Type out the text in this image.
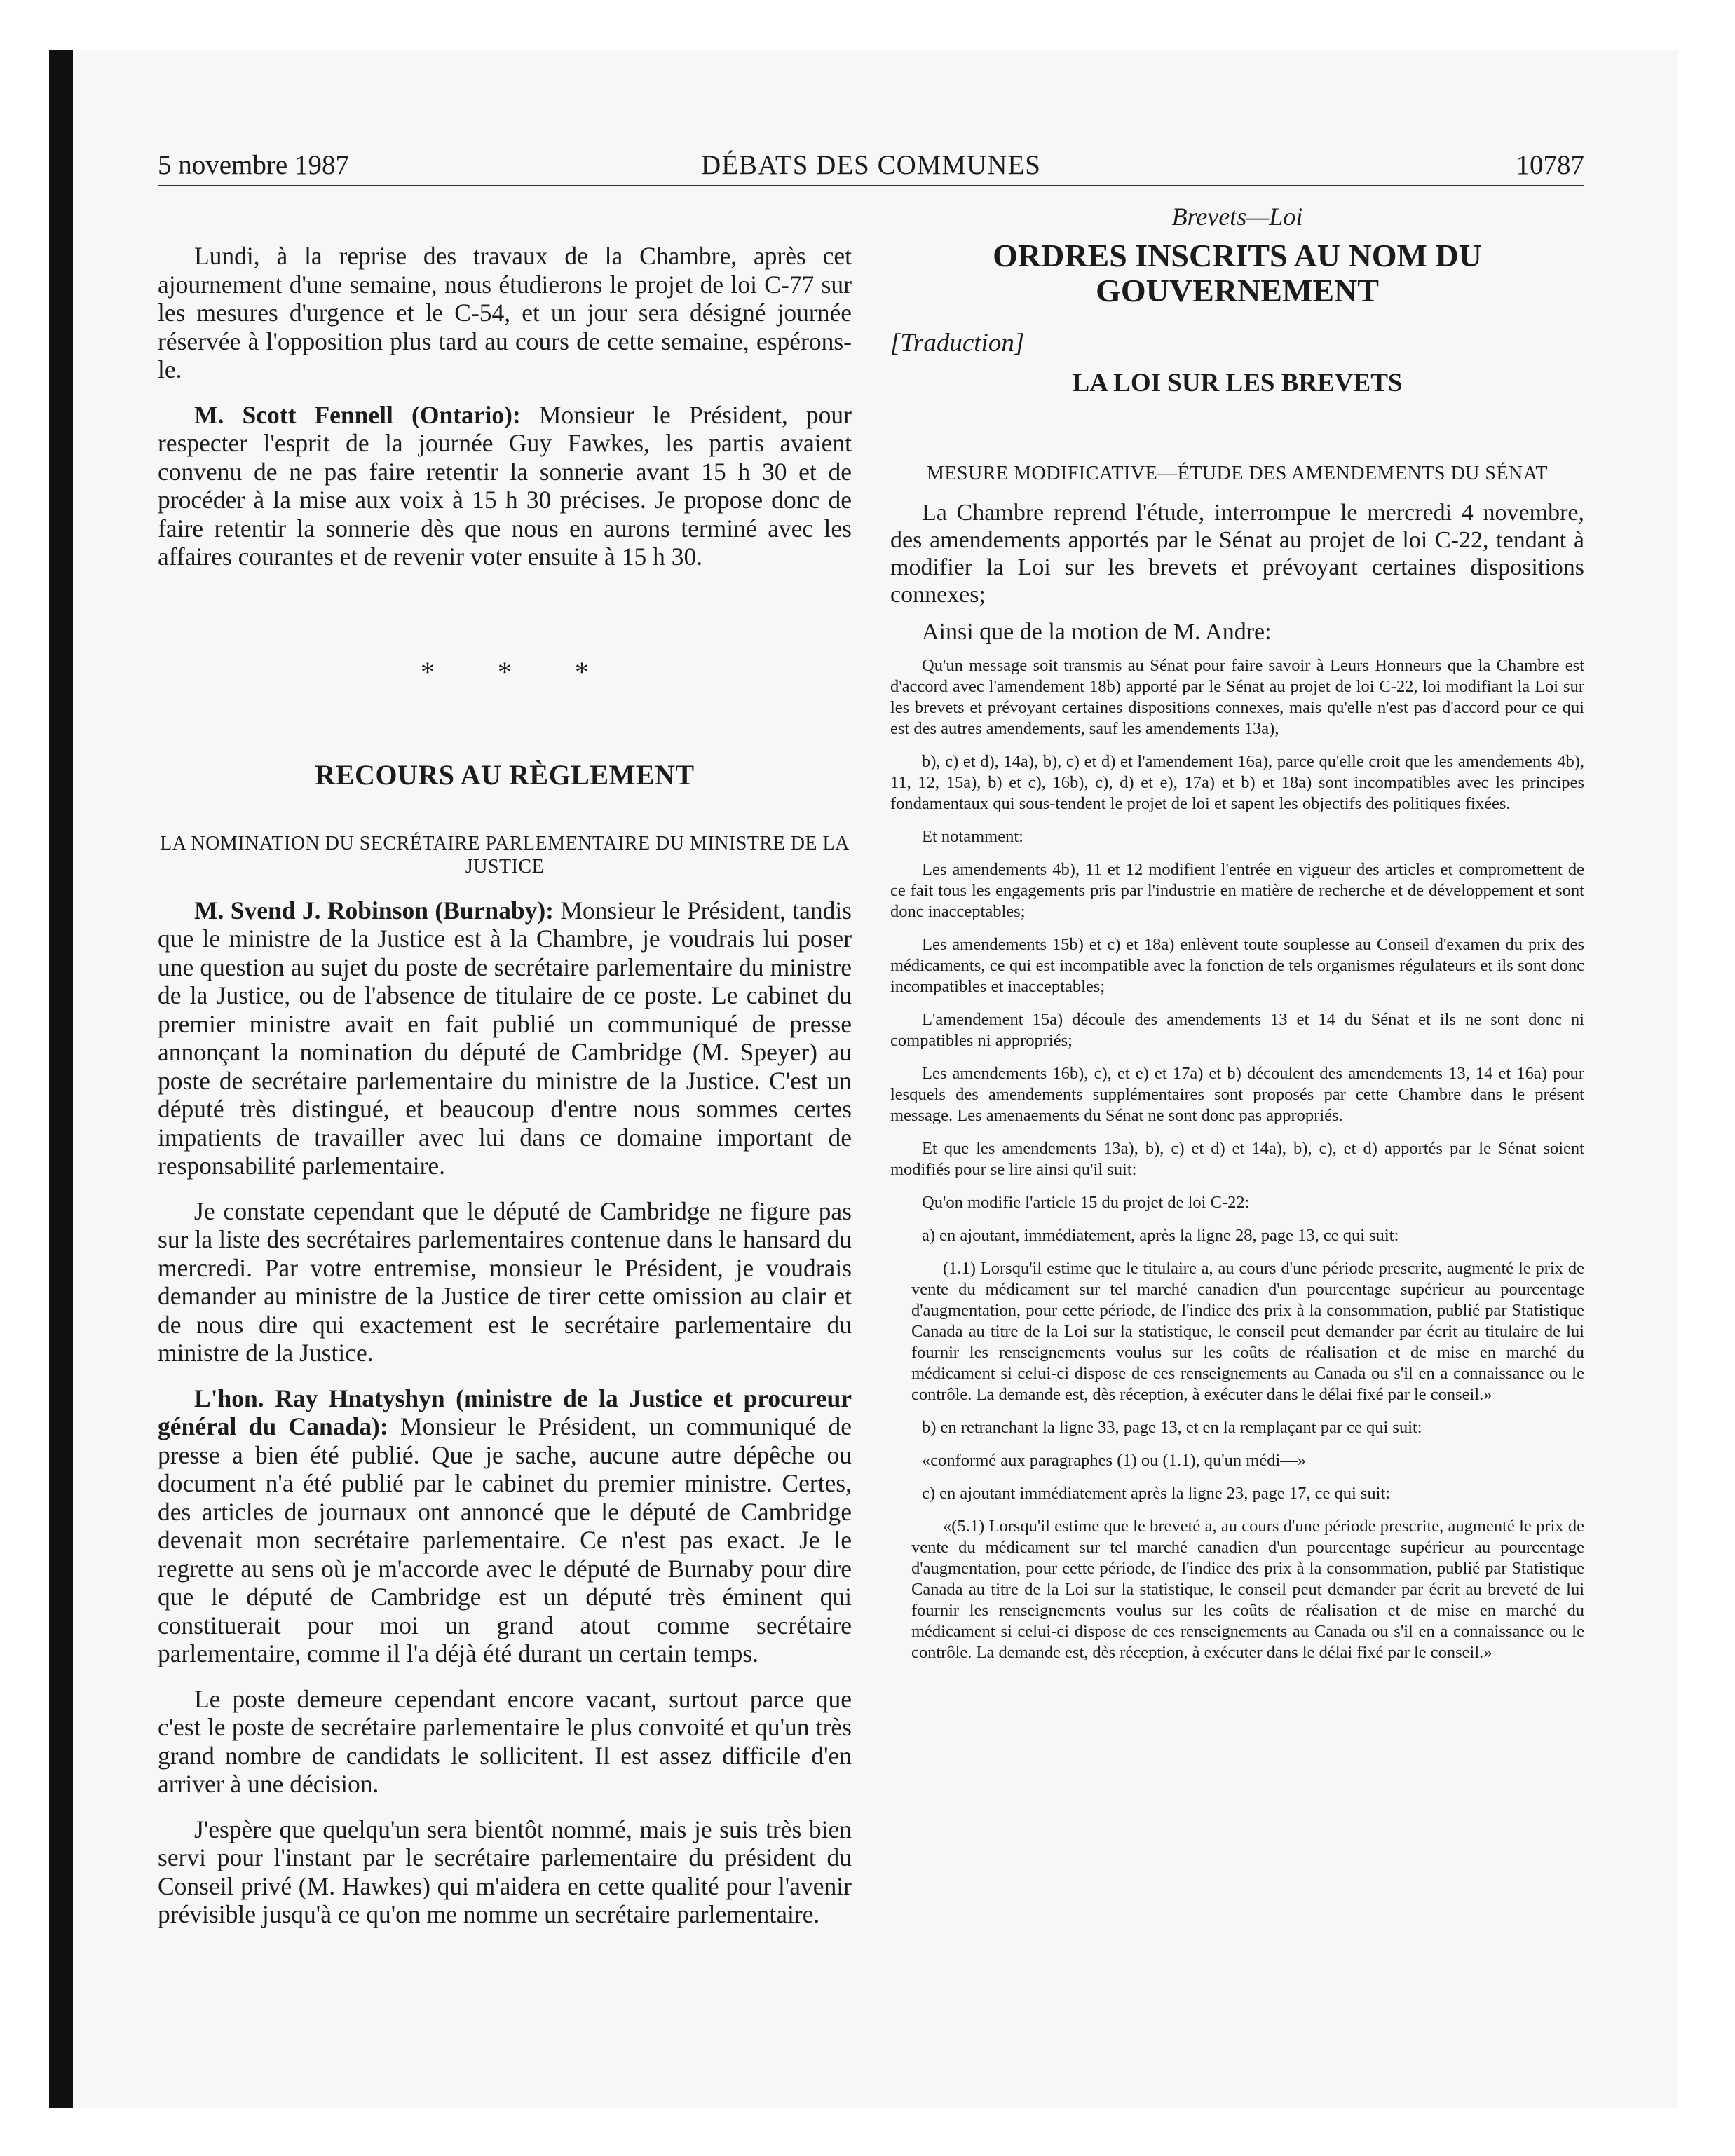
5 novembre 1987	DÉBATS DES COMMUNES	10787

Lundi, à la reprise des travaux de la Chambre, après cet ajournement d'une semaine, nous étudierons le projet de loi C-77 sur les mesures d'urgence et le C-54, et un jour sera désigné journée réservée à l'opposition plus tard au cours de cette semaine, espérons-le.

M. Scott Fennell (Ontario): Monsieur le Président, pour respecter l'esprit de la journée Guy Fawkes, les partis avaient convenu de ne pas faire retentir la sonnerie avant 15 h 30 et de procéder à la mise aux voix à 15 h 30 précises. Je propose donc de faire retentir la sonnerie dès que nous en aurons terminé avec les affaires courantes et de revenir voter ensuite à 15 h 30.

* * *
RECOURS AU RÈGLEMENT
LA NOMINATION DU SECRÉTAIRE PARLEMENTAIRE DU MINISTRE DE LA JUSTICE

M. Svend J. Robinson (Burnaby): Monsieur le Président, tandis que le ministre de la Justice est à la Chambre, je voudrais lui poser une question au sujet du poste de secrétaire parlementaire du ministre de la Justice, ou de l'absence de titulaire de ce poste. Le cabinet du premier ministre avait en fait publié un communiqué de presse annonçant la nomination du député de Cambridge (M. Speyer) au poste de secrétaire parlementaire du ministre de la Justice. C'est un député très distingué, et beaucoup d'entre nous sommes certes impatients de travailler avec lui dans ce domaine important de responsabilité parlementaire.

Je constate cependant que le député de Cambridge ne figure pas sur la liste des secrétaires parlementaires contenue dans le hansard du mercredi. Par votre entremise, monsieur le Président, je voudrais demander au ministre de la Justice de tirer cette omission au clair et de nous dire qui exactement est le secrétaire parlementaire du ministre de la Justice.

L'hon. Ray Hnatyshyn (ministre de la Justice et procureur général du Canada): Monsieur le Président, un communiqué de presse a bien été publié. Que je sache, aucune autre dépêche ou document n'a été publié par le cabinet du premier ministre. Certes, des articles de journaux ont annoncé que le député de Cambridge devenait mon secrétaire parlementaire. Ce n'est pas exact. Je le regrette au sens où je m'accorde avec le député de Burnaby pour dire que le député de Cambridge est un député très éminent qui constituerait pour moi un grand atout comme secrétaire parlementaire, comme il l'a déjà été durant un certain temps.

Le poste demeure cependant encore vacant, surtout parce que c'est le poste de secrétaire parlementaire le plus convoité et qu'un très grand nombre de candidats le sollicitent. Il est assez difficile d'en arriver à une décision.

J'espère que quelqu'un sera bientôt nommé, mais je suis très bien servi pour l'instant par le secrétaire parlementaire du président du Conseil privé (M. Hawkes) qui m'aidera en cette qualité pour l'avenir prévisible jusqu'à ce qu'on me nomme un secrétaire parlementaire.

Brevets—Loi
ORDRES INSCRITS AU NOM DU GOUVERNEMENT
[Traduction]
LA LOI SUR LES BREVETS
MESURE MODIFICATIVE—ÉTUDE DES AMENDEMENTS DU SÉNAT

La Chambre reprend l'étude, interrompue le mercredi 4 novembre, des amendements apportés par le Sénat au projet de loi C-22, tendant à modifier la Loi sur les brevets et prévoyant certaines dispositions connexes;

Ainsi que de la motion de M. Andre:

Qu'un message soit transmis au Sénat pour faire savoir à Leurs Honneurs que la Chambre est d'accord avec l'amendement 18b) apporté par le Sénat au projet de loi C-22, loi modifiant la Loi sur les brevets et prévoyant certaines dispositions connexes, mais qu'elle n'est pas d'accord pour ce qui est des autres amendements, sauf les amendements 13a),

b), c) et d), 14a), b), c) et d) et l'amendement 16a), parce qu'elle croit que les amendements 4b), 11, 12, 15a), b) et c), 16b), c), d) et e), 17a) et b) et 18a) sont incompatibles avec les principes fondamentaux qui sous-tendent le projet de loi et sapent les objectifs des politiques fixées.

Et notamment:

Les amendements 4b), 11 et 12 modifient l'entrée en vigueur des articles et compromettent de ce fait tous les engagements pris par l'industrie en matière de recherche et de développement et sont donc inacceptables;

Les amendements 15b) et c) et 18a) enlèvent toute souplesse au Conseil d'examen du prix des médicaments, ce qui est incompatible avec la fonction de tels organismes régulateurs et ils sont donc incompatibles et inacceptables;

L'amendement 15a) découle des amendements 13 et 14 du Sénat et ils ne sont donc ni compatibles ni appropriés;

Les amendements 16b), c), et e) et 17a) et b) découlent des amendements 13, 14 et 16a) pour lesquels des amendements supplémentaires sont proposés par cette Chambre dans le présent message. Les amenaements du Sénat ne sont donc pas appropriés.

Et que les amendements 13a), b), c) et d) et 14a), b), c), et d) apportés par le Sénat soient modifiés pour se lire ainsi qu'il suit:

Qu'on modifie l'article 15 du projet de loi C-22:

a) en ajoutant, immédiatement, après la ligne 28, page 13, ce qui suit:

(1.1) Lorsqu'il estime que le titulaire a, au cours d'une période prescrite, augmenté le prix de vente du médicament sur tel marché canadien d'un pourcentage supérieur au pourcentage d'augmentation, pour cette période, de l'indice des prix à la consommation, publié par Statistique Canada au titre de la Loi sur la statistique, le conseil peut demander par écrit au titulaire de lui fournir les renseignements voulus sur les coûts de réalisation et de mise en marché du médicament si celui-ci dispose de ces renseignements au Canada ou s'il en a connaissance ou le contrôle. La demande est, dès réception, à exécuter dans le délai fixé par le conseil.»

b) en retranchant la ligne 33, page 13, et en la remplaçant par ce qui suit:

«conformé aux paragraphes (1) ou (1.1), qu'un médi—»

c) en ajoutant immédiatement après la ligne 23, page 17, ce qui suit:

«(5.1) Lorsqu'il estime que le breveté a, au cours d'une période prescrite, augmenté le prix de vente du médicament sur tel marché canadien d'un pourcentage supérieur au pourcentage d'augmentation, pour cette période, de l'indice des prix à la consommation, publié par Statistique Canada au titre de la Loi sur la statistique, le conseil peut demander par écrit au breveté de lui fournir les renseignements voulus sur les coûts de réalisation et de mise en marché du médicament si celui-ci dispose de ces renseignements au Canada ou s'il en a connaissance ou le contrôle. La demande est, dès réception, à exécuter dans le délai fixé par le conseil.»
